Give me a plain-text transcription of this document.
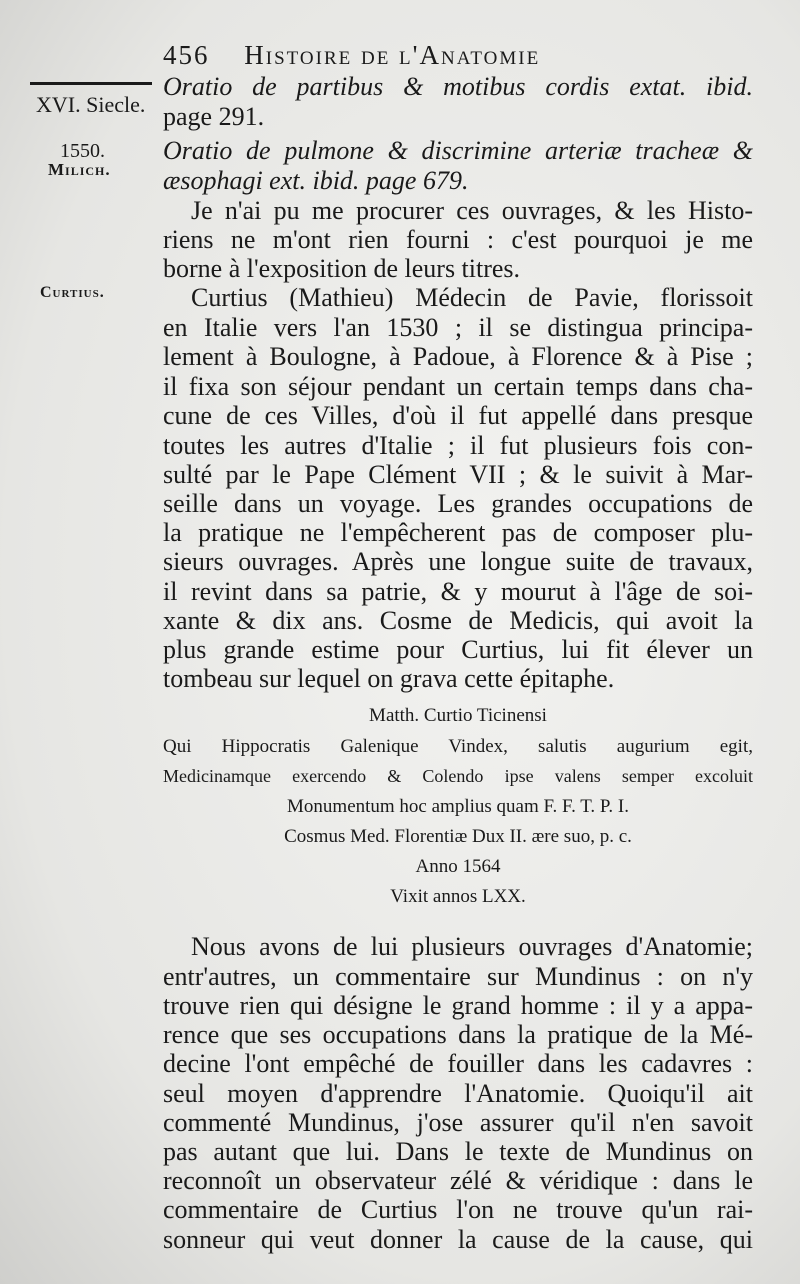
456 Histoire de l'Anatomie
XVI. Siecle.
1550.
Milich.
Curtius.
Oratio de partibus & motibus cordis extat. ibid.
page 291.
Oratio de pulmone & discrimine arteriæ tracheæ &
æsophagi ext. ibid. page 679.
Je n'ai pu me procurer ces ouvrages, & les Histo-
riens ne m'ont rien fourni : c'est pourquoi je me
borne à l'exposition de leurs titres.
Curtius (Mathieu) Médecin de Pavie, florissoit
en Italie vers l'an 1530 ; il se distingua principa-
lement à Boulogne, à Padoue, à Florence & à Pise ;
il fixa son séjour pendant un certain temps dans cha-
cune de ces Villes, d'où il fut appellé dans presque
toutes les autres d'Italie ; il fut plusieurs fois con-
sulté par le Pape Clément VII ; & le suivit à Mar-
seille dans un voyage. Les grandes occupations de
la pratique ne l'empêcherent pas de composer plu-
sieurs ouvrages. Après une longue suite de travaux,
il revint dans sa patrie, & y mourut à l'âge de soi-
xante & dix ans. Cosme de Medicis, qui avoit la
plus grande estime pour Curtius, lui fit élever un
tombeau sur lequel on grava cette épitaphe.
Matth. Curtio Ticinensi
Qui Hippocratis Galenique Vindex, salutis augurium egit,
Medicinamque exercendo & Colendo ipse valens semper excoluit
Monumentum hoc amplius quam F. F. T. P. I.
Cosmus Med. Florentiæ Dux II. ære suo, p. c.
Anno 1564
Vixit annos LXX.
Nous avons de lui plusieurs ouvrages d'Anatomie;
entr'autres, un commentaire sur Mundinus : on n'y
trouve rien qui désigne le grand homme : il y a appa-
rence que ses occupations dans la pratique de la Mé-
decine l'ont empêché de fouiller dans les cadavres :
seul moyen d'apprendre l'Anatomie. Quoiqu'il ait
commenté Mundinus, j'ose assurer qu'il n'en savoit
pas autant que lui. Dans le texte de Mundinus on
reconnoît un observateur zélé & véridique : dans le
commentaire de Curtius l'on ne trouve qu'un rai-
sonneur qui veut donner la cause de la cause, qui
